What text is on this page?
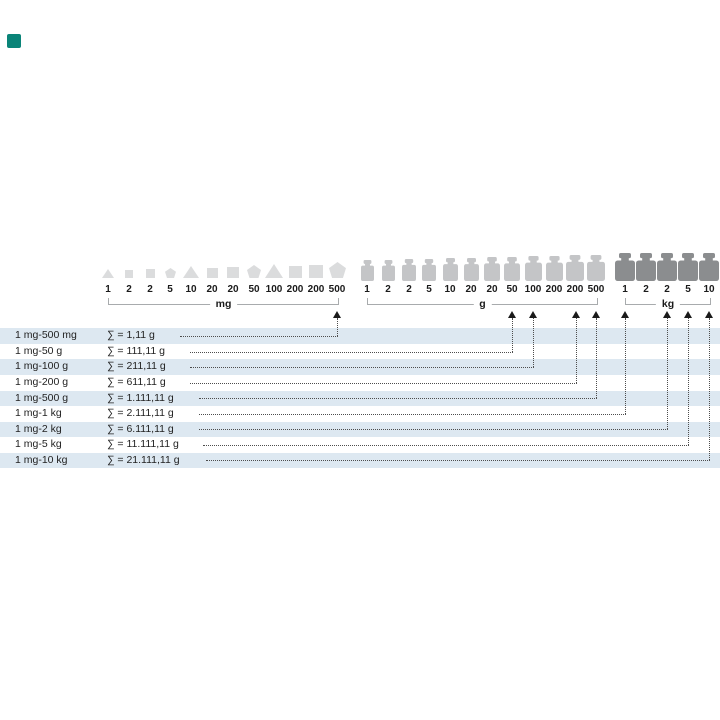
1 mg-500 mg	∑ = 1,11 g
1 mg-50 g	∑ = 111,11 g
1 mg-100 g	∑ = 211,11 g
1 mg-200 g	∑ = 611,11 g
1 mg-500 g	∑ = 1.111,11 g
1 mg-1 kg	∑ = 2.111,11 g
1 mg-2 kg	∑ = 6.111,11 g
1 mg-5 kg	∑ = 11.111,11 g
1 mg-10 kg	∑ = 21.111,11 g
1	2	2	5	10 20 20 50 100 200 200 500	1	2	2	5	10 20 20 50 100 200 200 500	1	2	2	5	10
mg	g	kg
